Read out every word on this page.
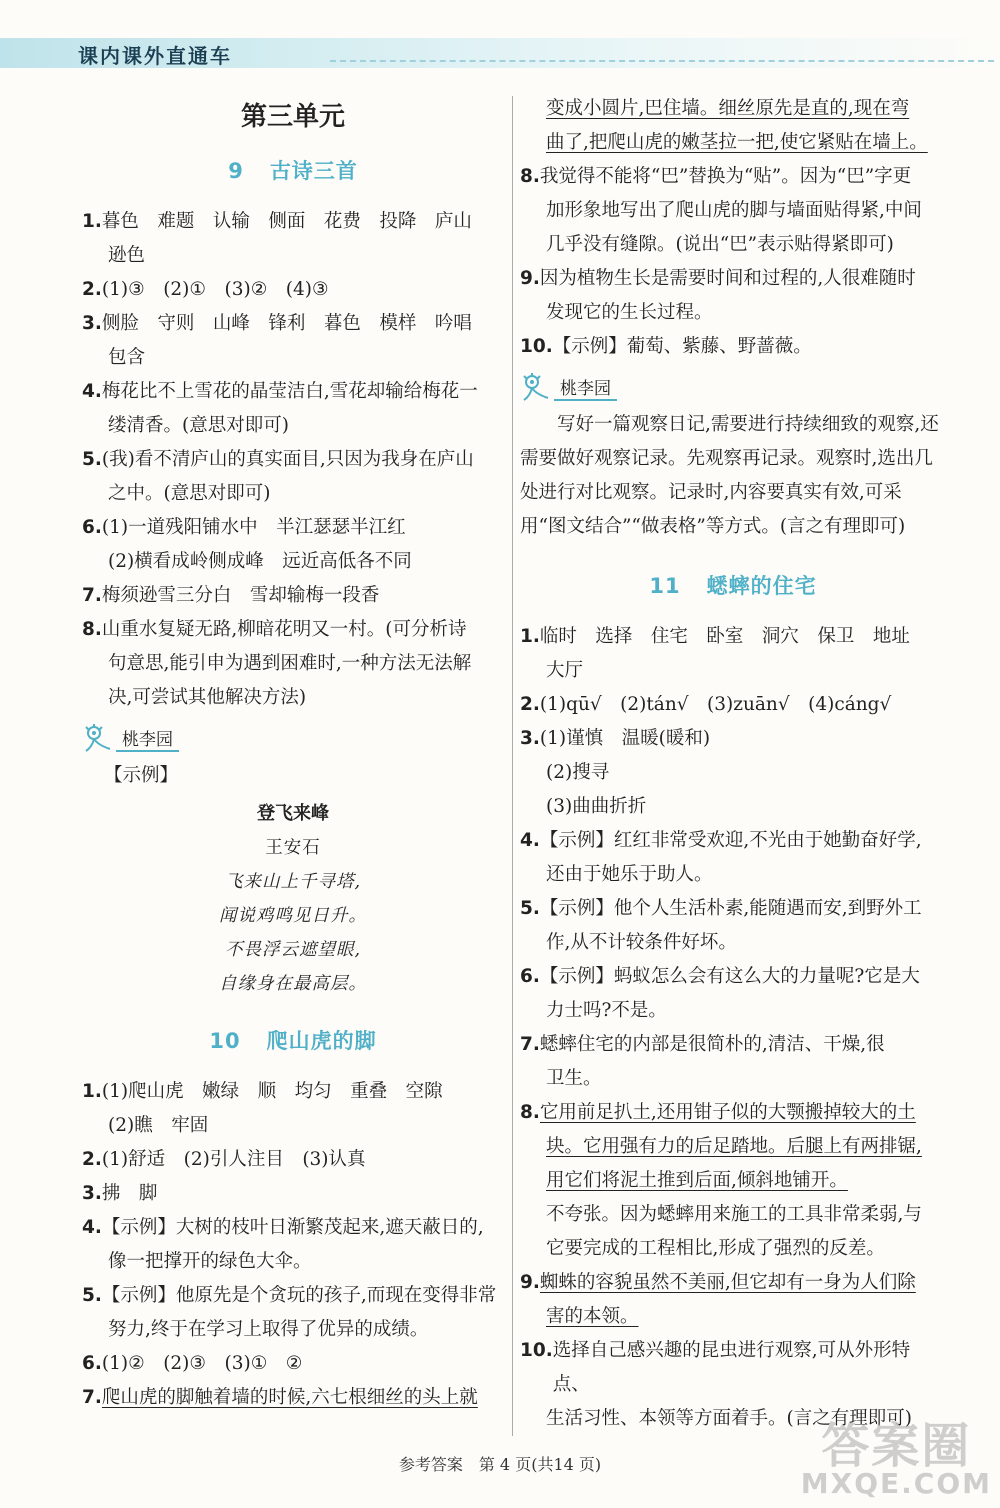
课内课外直通车
第三单元
9 古诗三首
1. 暮色　难题　认输　侧面　花费　投降　庐山
逊色
2. (1)③　(2)①　(3)②　(4)③
3. 侧脸　守则　山峰　锋利　暮色　模样　吟唱
包含
4. 梅花比不上雪花的晶莹洁白,雪花却输给梅花一
缕清香。(意思对即可)
5. (我)看不清庐山的真实面目,只因为我身在庐山
之中。(意思对即可)
6. (1)一道残阳铺水中　半江瑟瑟半江红
(2)横看成岭侧成峰　远近高低各不同
7. 梅须逊雪三分白　雪却输梅一段香
8. 山重水复疑无路,柳暗花明又一村。(可分析诗
句意思,能引申为遇到困难时,一种方法无法解
决,可尝试其他解决方法)
桃李园
【示例】
登飞来峰
王安石
飞来山上千寻塔,
闻说鸡鸣见日升。
不畏浮云遮望眼,
自缘身在最高层。
10 爬山虎的脚
1. (1)爬山虎　嫩绿　顺　均匀　重叠　空隙
(2)瞧　牢固
2. (1)舒适　(2)引人注目　(3)认真
3. 拂　脚
4. 【示例】大树的枝叶日渐繁茂起来,遮天蔽日的,
像一把撑开的绿色大伞。
5. 【示例】他原先是个贪玩的孩子,而现在变得非常
努力,终于在学习上取得了优异的成绩。
6. (1)②　(2)③　(3)①　②
7. 爬山虎的脚触着墙的时候,六七根细丝的头上就
变成小圆片,巴住墙。细丝原先是直的,现在弯
曲了,把爬山虎的嫩茎拉一把,使它紧贴在墙上。
8. 我觉得不能将“巴”替换为“贴”。因为“巴”字更
加形象地写出了爬山虎的脚与墙面贴得紧,中间
几乎没有缝隙。(说出“巴”表示贴得紧即可)
9. 因为植物生长是需要时间和过程的,人很难随时
发现它的生长过程。
10. 【示例】葡萄、紫藤、野蔷薇。
桃李园
写好一篇观察日记,需要进行持续细致的观察,还需要做好观察记录。先观察再记录。观察时,选出几处进行对比观察。记录时,内容要真实有效,可采用“图文结合”“做表格”等方式。(言之有理即可)
11 蟋蟀的住宅
1. 临时　选择　住宅　卧室　洞穴　保卫　地址
大厅
2. (1)qū√　(2)tán√　(3)zuān√　(4)cáng√
3. (1)谨慎　温暖(暖和)
(2)搜寻
(3)曲曲折折
4. 【示例】红红非常受欢迎,不光由于她勤奋好学,
还由于她乐于助人。
5. 【示例】他个人生活朴素,能随遇而安,到野外工
作,从不计较条件好坏。
6. 【示例】蚂蚁怎么会有这么大的力量呢?它是大
力士吗?不是。
7. 蟋蟀住宅的内部是很简朴的,清洁、干燥,很
卫生。
8. 它用前足扒土,还用钳子似的大颚搬掉较大的土
块。它用强有力的后足踏地。后腿上有两排锯,
用它们将泥土推到后面,倾斜地铺开。
不夸张。因为蟋蟀用来施工的工具非常柔弱,与
它要完成的工程相比,形成了强烈的反差。
9. 蜘蛛的容貌虽然不美丽,但它却有一身为人们除
害的本领。
10. 选择自己感兴趣的昆虫进行观察,可从外形特点、
生活习性、本领等方面着手。(言之有理即可)
参考答案　第 4 页(共14 页)	答案圈
MXQE.COM
